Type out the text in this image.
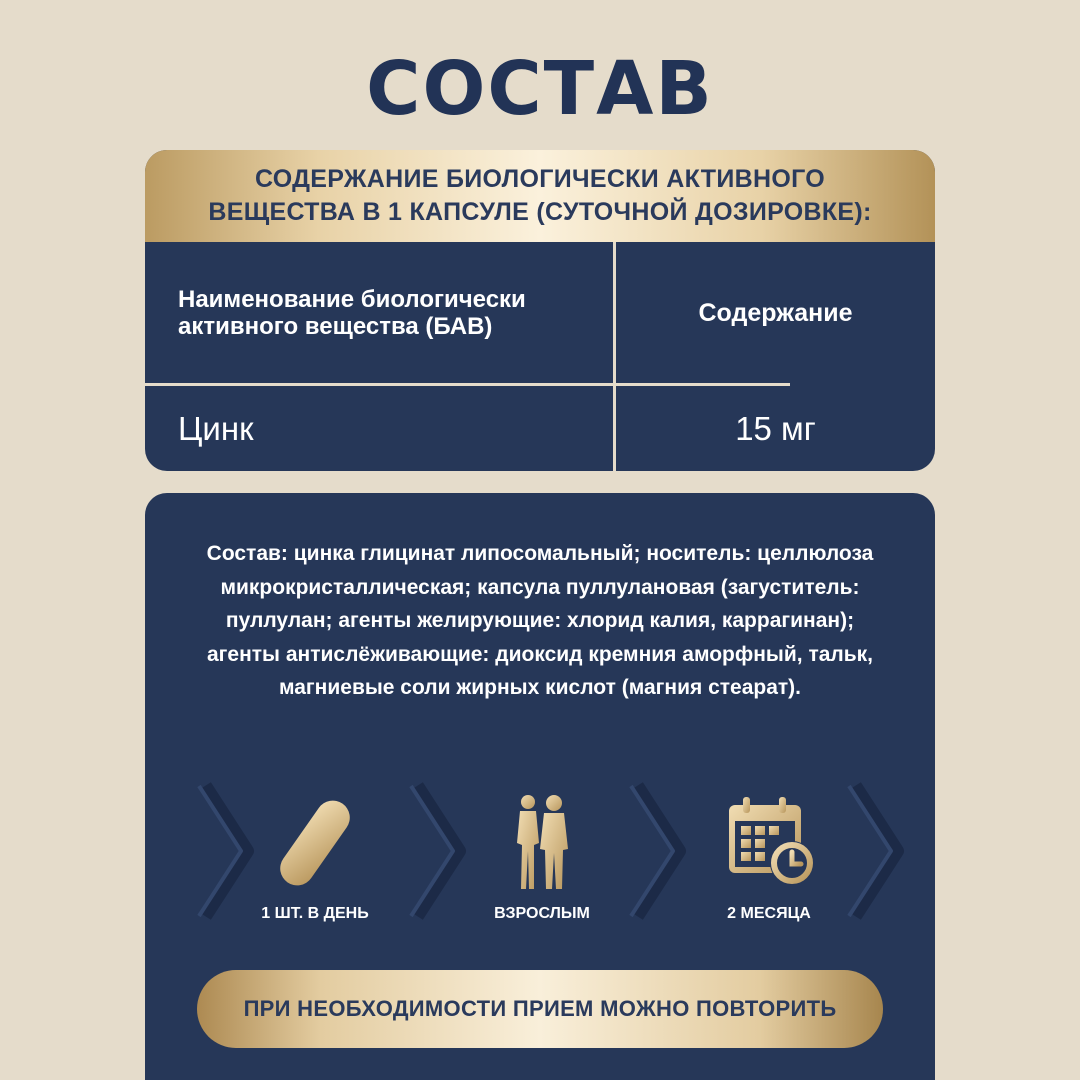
СОСТАВ
СОДЕРЖАНИЕ БИОЛОГИЧЕСКИ АКТИВНОГО
ВЕЩЕСТВА В 1 КАПСУЛЕ (СУТОЧНОЙ ДОЗИРОВКЕ):
Наименование биологически
активного вещества (БАВ)	Содержание
Цинк	15 мг
Состав: цинка глицинат липосомальный; носитель: целлюлоза
микрокристаллическая; капсула пуллулановая (загуститель:
пуллулан; агенты желирующие: хлорид калия, каррагинан);
агенты антислёживающие: диоксид кремния аморфный, тальк,
магниевые соли жирных кислот (магния стеарат).
1 ШТ. В ДЕНЬ	ВЗРОСЛЫМ	2 МЕСЯЦА
ПРИ НЕОБХОДИМОСТИ ПРИЕМ МОЖНО ПОВТОРИТЬ
